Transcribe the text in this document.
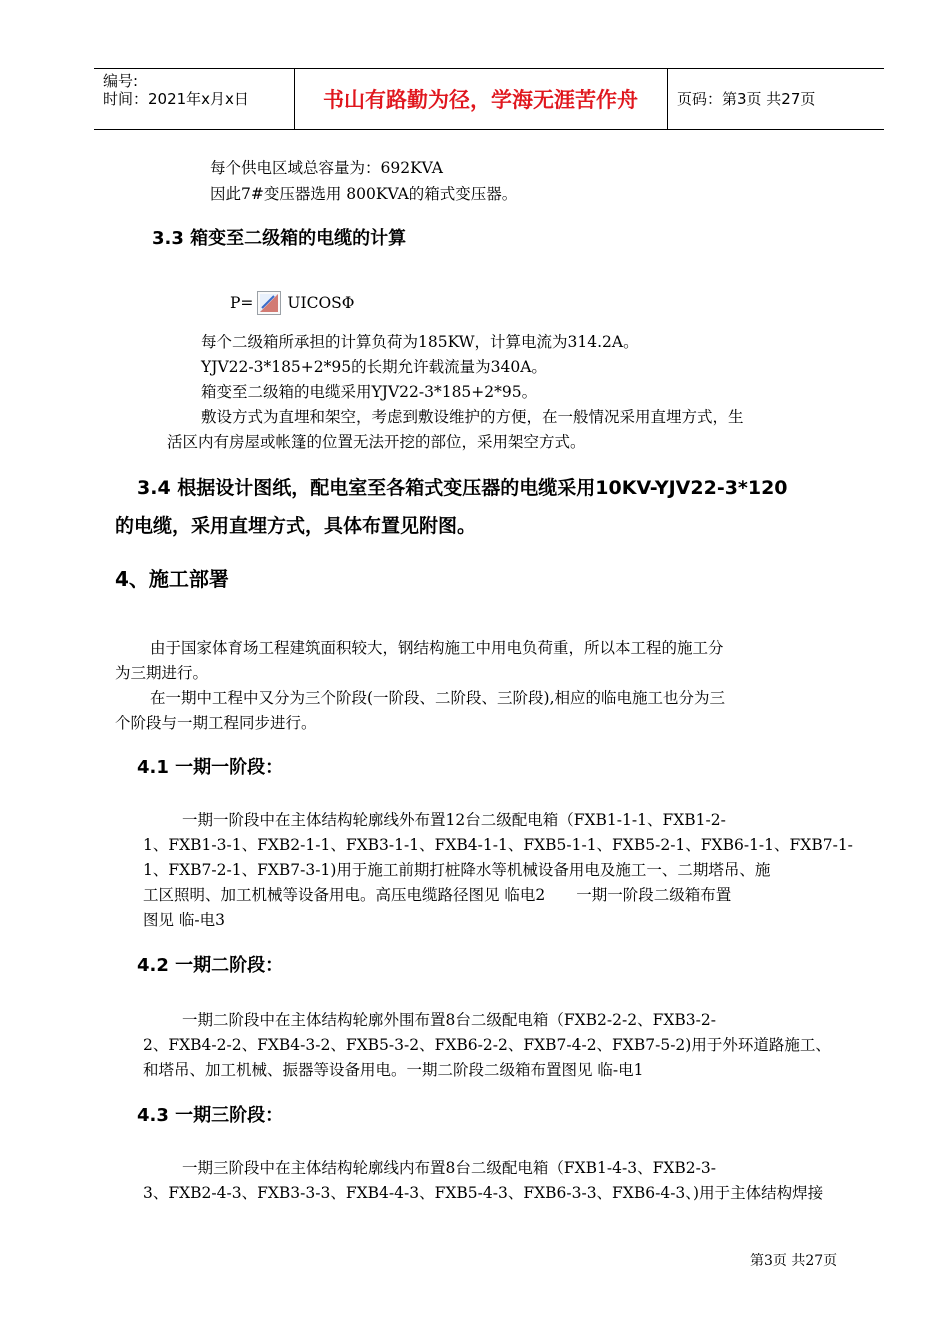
编号:
时间：2021年x月x日	书山有路勤为径，学海无涯苦作舟	页码：第3页 共27页
每个供电区域总容量为：692KVA
因此7#变压器选用 800KVA的箱式变压器。
3.3 箱变至二级箱的电缆的计算
P= UICOSΦ
每个二级箱所承担的计算负荷为185KW，计算电流为314.2A。
YJV22-3*185+2*95的长期允许载流量为340A。
箱变至二级箱的电缆采用YJV22-3*185+2*95。
敷设方式为直埋和架空，考虑到敷设维护的方便，在一般情况采用直埋方式，生
活区内有房屋或帐篷的位置无法开挖的部位，采用架空方式。
3.4 根据设计图纸，配电室至各箱式变压器的电缆采用10KV-YJV22-3*120
的电缆，采用直埋方式，具体布置见附图。
4、施工部署
由于国家体育场工程建筑面积较大，钢结构施工中用电负荷重，所以本工程的施工分
为三期进行。
在一期中工程中又分为三个阶段(一阶段、二阶段、三阶段),相应的临电施工也分为三
个阶段与一期工程同步进行。
4.1 一期一阶段：
一期一阶段中在主体结构轮廓线外布置12台二级配电箱（FXB1-1-1、FXB1-2-
1、FXB1-3-1、FXB2-1-1、FXB3-1-1、FXB4-1-1、FXB5-1-1、FXB5-2-1、FXB6-1-1、FXB7-1-
1、FXB7-2-1、FXB7-3-1)用于施工前期打桩降水等机械设备用电及施工一、二期塔吊、施
工区照明、加工机械等设备用电。高压电缆路径图见 临电2　　一期一阶段二级箱布置
图见 临-电3
4.2 一期二阶段：
一期二阶段中在主体结构轮廓外围布置8台二级配电箱（FXB2-2-2、FXB3-2-
2、FXB4-2-2、FXB4-3-2、FXB5-3-2、FXB6-2-2、FXB7-4-2、FXB7-5-2)用于外环道路施工、
和塔吊、加工机械、振器等设备用电。一期二阶段二级箱布置图见 临-电1
4.3 一期三阶段：
一期三阶段中在主体结构轮廓线内布置8台二级配电箱（FXB1-4-3、FXB2-3-
3、FXB2-4-3、FXB3-3-3、FXB4-4-3、FXB5-4-3、FXB6-3-3、FXB6-4-3、)用于主体结构焊接
第3页 共27页
